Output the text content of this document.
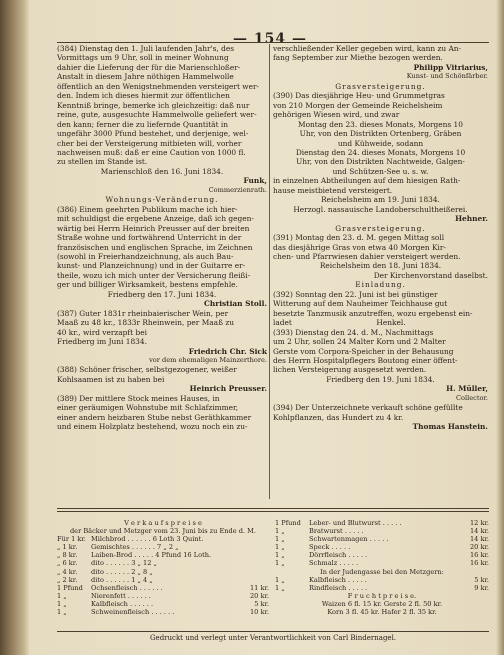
— 154 —
(384) Dienstag den 1. Juli laufenden Jahr's, des
Vormittags um 9 Uhr, soll in meiner Wohnung
dahier die Lieferung der für die Marienschloßer-
Anstalt in diesem Jahre nöthigen Hammelwolle
öffentlich an den Wenigstnehmenden versteigert wer-
den. Indem ich dieses hiermit zur öffentlichen
Kenntniß bringe, bemerke ich gleichzeitig: daß nur
reine, gute, ausgesuchte Hammelwolle geliefert wer-
den kann; ferner die zu liefernde Quantität in
ungefähr 3000 Pfund bestehet, und derjenige, wel-
cher bei der Versteigerung mitbieten will, vorher
nachweisen muß: daß er eine Caution von 1000 fl.
zu stellen im Stande ist.
Marienschloß den 16. Juni 1834.
Funk,
Commerzienrath.
Wohnungs-Veränderung.
(386) Einem geehrten Publikum mache ich hier-
mit schuldigst die ergebene Anzeige, daß ich gegen-
wärtig bei Herrn Heinrich Preusser auf der breiten
Straße wohne und fortwährend Unterricht in der
französischen und englischen Sprache, im Zeichnen
(sowohl in Freierhandzeichnung, als auch Bau-
kunst- und Planzeichnung) und in der Guitarre er-
theile, wozu ich mich unter der Versicherung fleißi-
ger und billiger Wirksamkeit, bestens empfehle.
Friedberg den 17. Juni 1834.
Christian Stoll.
(387) Guter 1831r rheinbaierischer Wein, per
Maaß zu 48 kr., 1833r Rheinwein, per Maaß zu
40 kr., wird verzapft bei
Friedberg im Juni 1834.
Friedrich Chr. Sick
vor dem ehemaligen Mainzerthore.
(388) Schöner frischer, selbstgezogener, weißer
Kohlsaamen ist zu haben bei
Heinrich Preusser.
(389) Der mittlere Stock meines Hauses, in
einer geräumigen Wohnstube mit Schlafzimmer,
einer andern heizbaren Stube nebst Geräthkammer
und einem Holzplatz bestehend, wozu noch ein zu-
verschließender Keller gegeben wird, kann zu An-
fang September zur Miethe bezogen werden.
Philipp Vitriarius,
Kunst- und Schönfärber.
Grasversteigerung.
(390) Das diesjährige Heu- und Grummetgras
von 210 Morgen der Gemeinde Reichelsheim
gehörigen Wiesen wird, und zwar
Montag den 23. dieses Monats, Morgens 10
Uhr, von den Distrikten Ortenberg, Gräben
und Kühweide, sodann
Dienstag den 24. dieses Monats, Morgens 10
Uhr, von den Distrikten Nachtweide, Galgen-
und Schützen-See u. s. w.
in einzelnen Abtheilungen auf dem hiesigen Rath-
hause meistbietend versteigert.
Reichelsheim am 19. Juni 1834.
Herzogl. nassauische Landoberschultheißerei.
Hehner.
Grasversteigerung.
(391) Montag den 23. d. M. gegen Mittag soll
das diesjährige Gras von etwa 40 Morgen Kir-
chen- und Pfarrwiesen dahier versteigert werden.
Reichelsheim den 18. Juni 1834.
Der Kirchenvorstand daselbst.
Einladung.
(392) Sonntag den 22. Juni ist bei günstiger
Witterung auf dem Nauheimer Teichhause gut
besetzte Tanzmusik anzutreffen, wozu ergebenst ein-
ladet                                    Henkel.
(393) Dienstag den 24. d. M., Nachmittags
um 2 Uhr, sollen 24 Malter Korn und 2 Malter
Gerste vom Corpora-Speicher in der Behausung
des Herrn Hospitalpflegers Boutong einer öffent-
lichen Versteigerung ausgesetzt werden.
Friedberg den 19. Juni 1834.
H. Müller,
Collector.
(394) Der Unterzeichnete verkauft schöne gefüllte
Kohlpflanzen, das Hundert zu 4 kr.
Thomas Hanstein.
V e r k a u f s p r e i s e
der Bäcker und Metzger vom 23. Juni bis zu Ende d. M.
Für 1 kr. Milchbrod . . . . . . 6 Loth 3 Quint.
„ 1 kr.	Gemischtes . . . . . . 7 „ 2 „
„ 8 kr.	Laiben-Brod . . . . . 4 Pfund 16 Loth.
„ 6 kr.	dito . . . . . . 3 „ 12 „
„ 4 kr.	dito . . . . . . 2 „ 8 „
„ 2 kr.	dito . . . . . . 1 „ 4 „
1 Pfund	Ochsenfleisch . . . . . .	11 kr.
1 „	Nierenfett . . . . . .	20 kr.
1 „	Kalbfleisch . . . . . .	5 kr.
1 „	Schweinenfleisch . . . . . .	10 kr.
1 Pfund	Leber- und Blutwurst . . . . .	12 kr.
1 „	Bratwurst . . . . .	14 kr.
1 „	Schwartenmagen . . . . .	14 kr.
1 „	Speck . . . . .	20 kr.
1 „	Dörrfleisch . . . . .	16 kr.
1 „	Schmalz . . . . .	16 kr.
In der Judengasse bei den Metzgern:
1 „	Kalbfleisch . . . . .	5 kr.
1 „	Rindfleisch . . . . .	9 kr.
F r u c h t p r e i s e.
Waizen 6 fl. 15 kr. Gerste 2 fl. 50 kr.
Korn 3 fl. 45 kr. Hafer 2 fl. 35 kr.
Gedruckt und verlegt unter Verantwortlichkeit von Carl Bindernagel.
